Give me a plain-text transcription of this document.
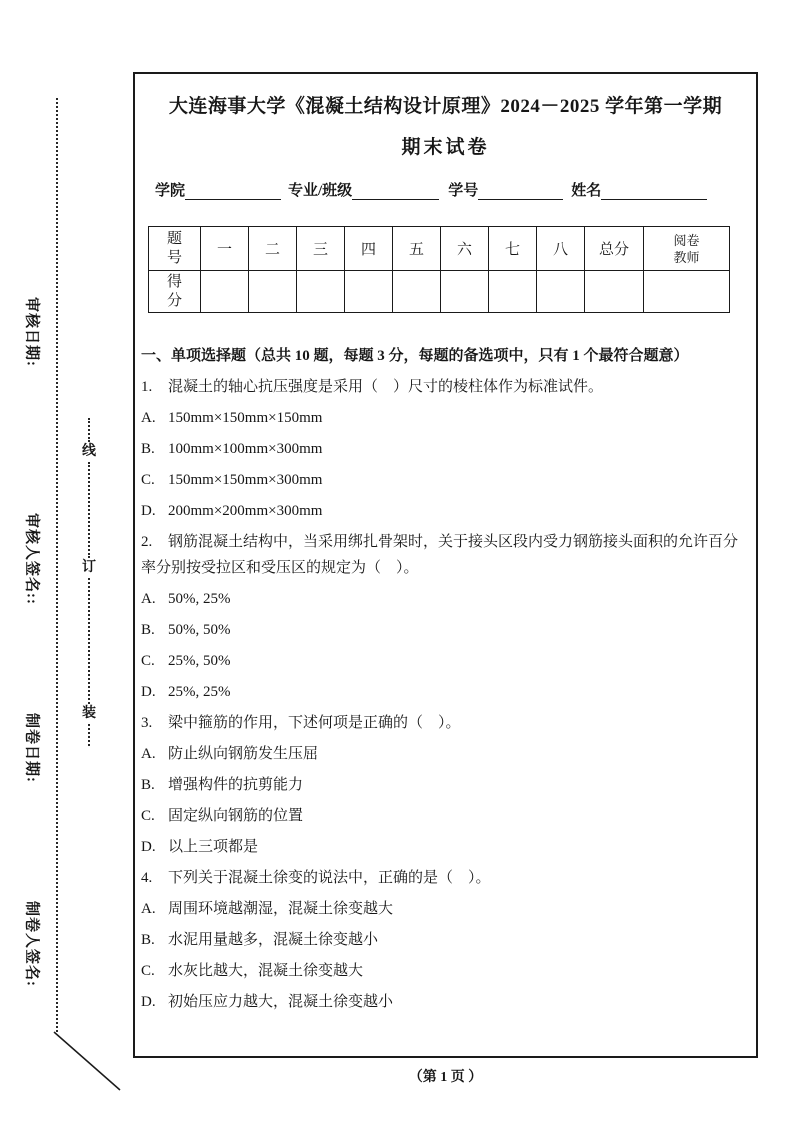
审核日期:
审核人签名::
制卷日期:
制卷人签名:
线
订
装
大连海事大学《混凝土结构设计原理》2024－2025 学年第一学期
期末试卷
学院	专业/班级	学号	姓名
题号	一	二	三	四	五	六	七	八	总分	阅卷教师

得分										

一、单项选择题（总共 10 题，每题 3 分，每题的备选项中，只有 1 个最符合题意）

1. 混凝土的轴心抗压强度是采用（　）尺寸的棱柱体作为标准试件。

A. 150mm×150mm×150mm

B. 100mm×100mm×300mm

C. 150mm×150mm×300mm

D. 200mm×200mm×300mm

2. 钢筋混凝土结构中，当采用绑扎骨架时，关于接头区段内受力钢筋接头面积的允许百分率分别按受拉区和受压区的规定为（　）。

A. 50%, 25%

B. 50%, 50%

C. 25%, 50%

D. 25%, 25%

3. 梁中箍筋的作用，下述何项是正确的（　）。

A. 防止纵向钢筋发生压屈

B. 增强构件的抗剪能力

C. 固定纵向钢筋的位置

D. 以上三项都是

4. 下列关于混凝土徐变的说法中，正确的是（　）。

A. 周围环境越潮湿，混凝土徐变越大

B. 水泥用量越多，混凝土徐变越小

C. 水灰比越大，混凝土徐变越大

D. 初始压应力越大，混凝土徐变越小

（第 1 页 ）
